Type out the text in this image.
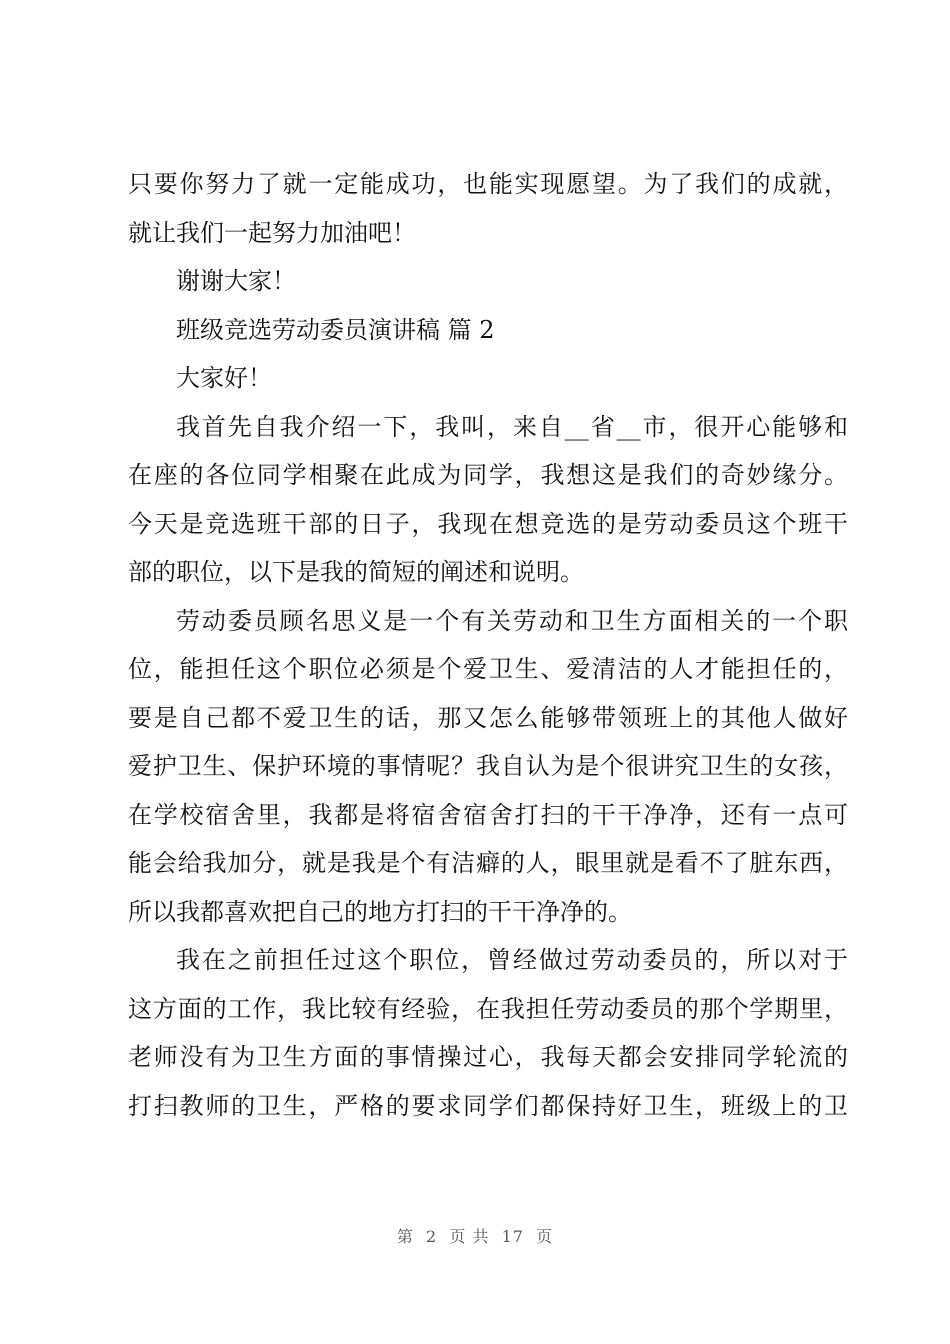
只要你努力了就一定能成功，也能实现愿望。为了我们的成就，
就让我们一起努力加油吧！
谢谢大家！
班级竞选劳动委员演讲稿 篇 2
大家好！
我首先自我介绍一下，我叫，来自__省__市，很开心能够和
在座的各位同学相聚在此成为同学，我想这是我们的奇妙缘分。
今天是竞选班干部的日子，我现在想竞选的是劳动委员这个班干
部的职位，以下是我的简短的阐述和说明。
劳动委员顾名思义是一个有关劳动和卫生方面相关的一个职
位，能担任这个职位必须是个爱卫生、爱清洁的人才能担任的，
要是自己都不爱卫生的话，那又怎么能够带领班上的其他人做好
爱护卫生、保护环境的事情呢？我自认为是个很讲究卫生的女孩，
在学校宿舍里，我都是将宿舍宿舍打扫的干干净净，还有一点可
能会给我加分，就是我是个有洁癖的人，眼里就是看不了脏东西，
所以我都喜欢把自己的地方打扫的干干净净的。
我在之前担任过这个职位，曾经做过劳动委员的，所以对于
这方面的工作，我比较有经验，在我担任劳动委员的那个学期里，
老师没有为卫生方面的事情操过心，我每天都会安排同学轮流的
打扫教师的卫生，严格的要求同学们都保持好卫生，班级上的卫
第  2  页 共  17  页
